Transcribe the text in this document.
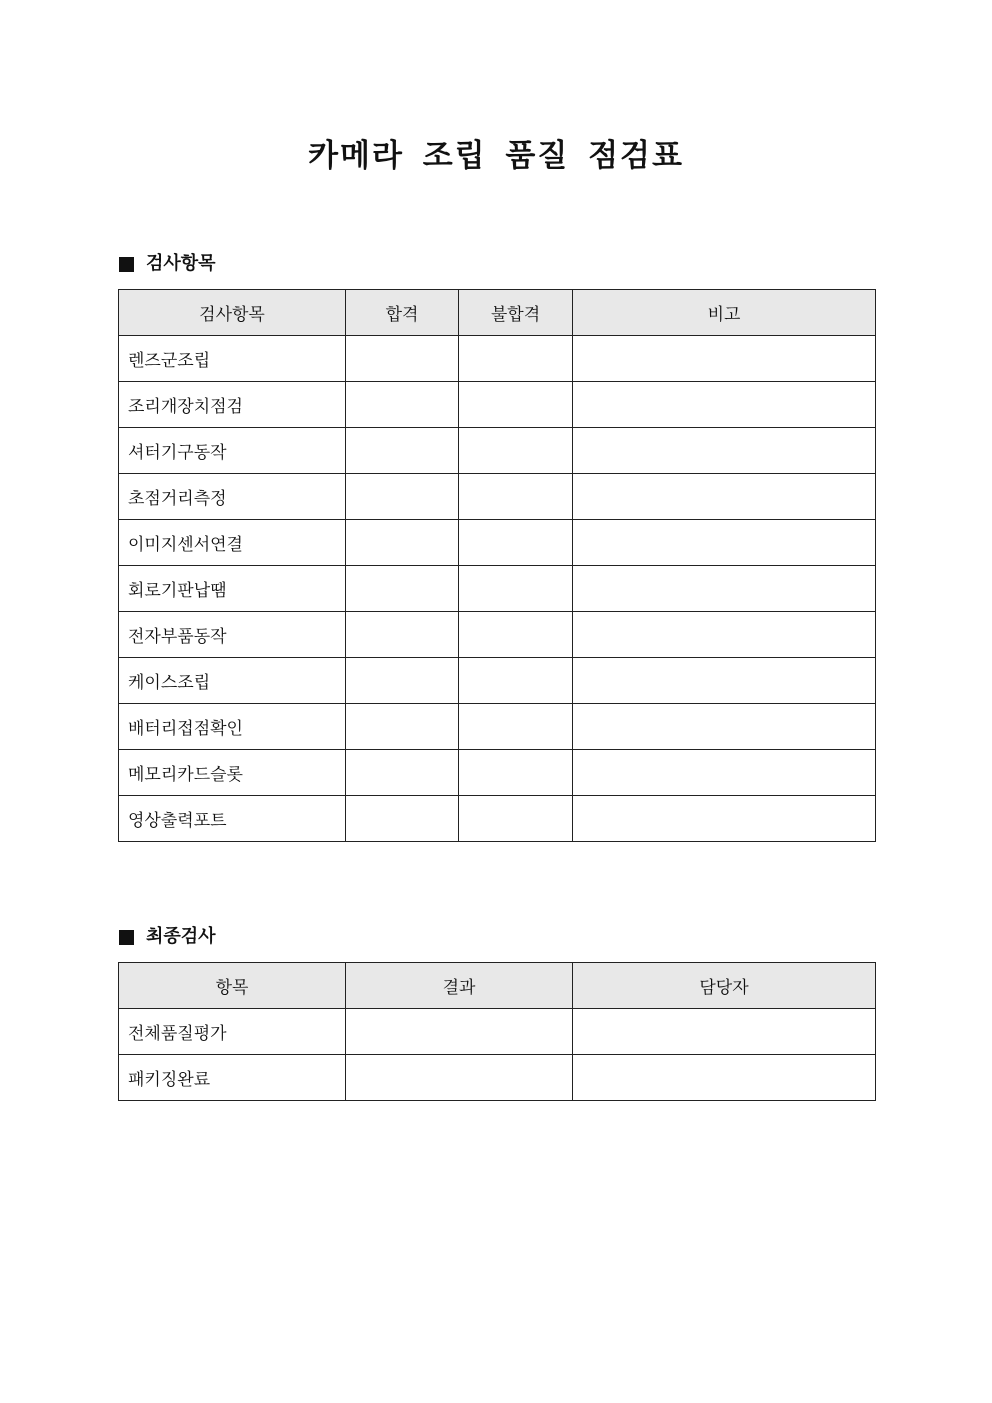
카메라 조립 품질 점검표
검사항목
검사항목	합격	불합격	비고
렌즈군조립			
조리개장치점검			
셔터기구동작			
초점거리측정			
이미지센서연결			
회로기판납땜			
전자부품동작			
케이스조립			
배터리접점확인			
메모리카드슬롯			
영상출력포트			
최종검사
항목	결과	담당자
전체품질평가		
패키징완료		
